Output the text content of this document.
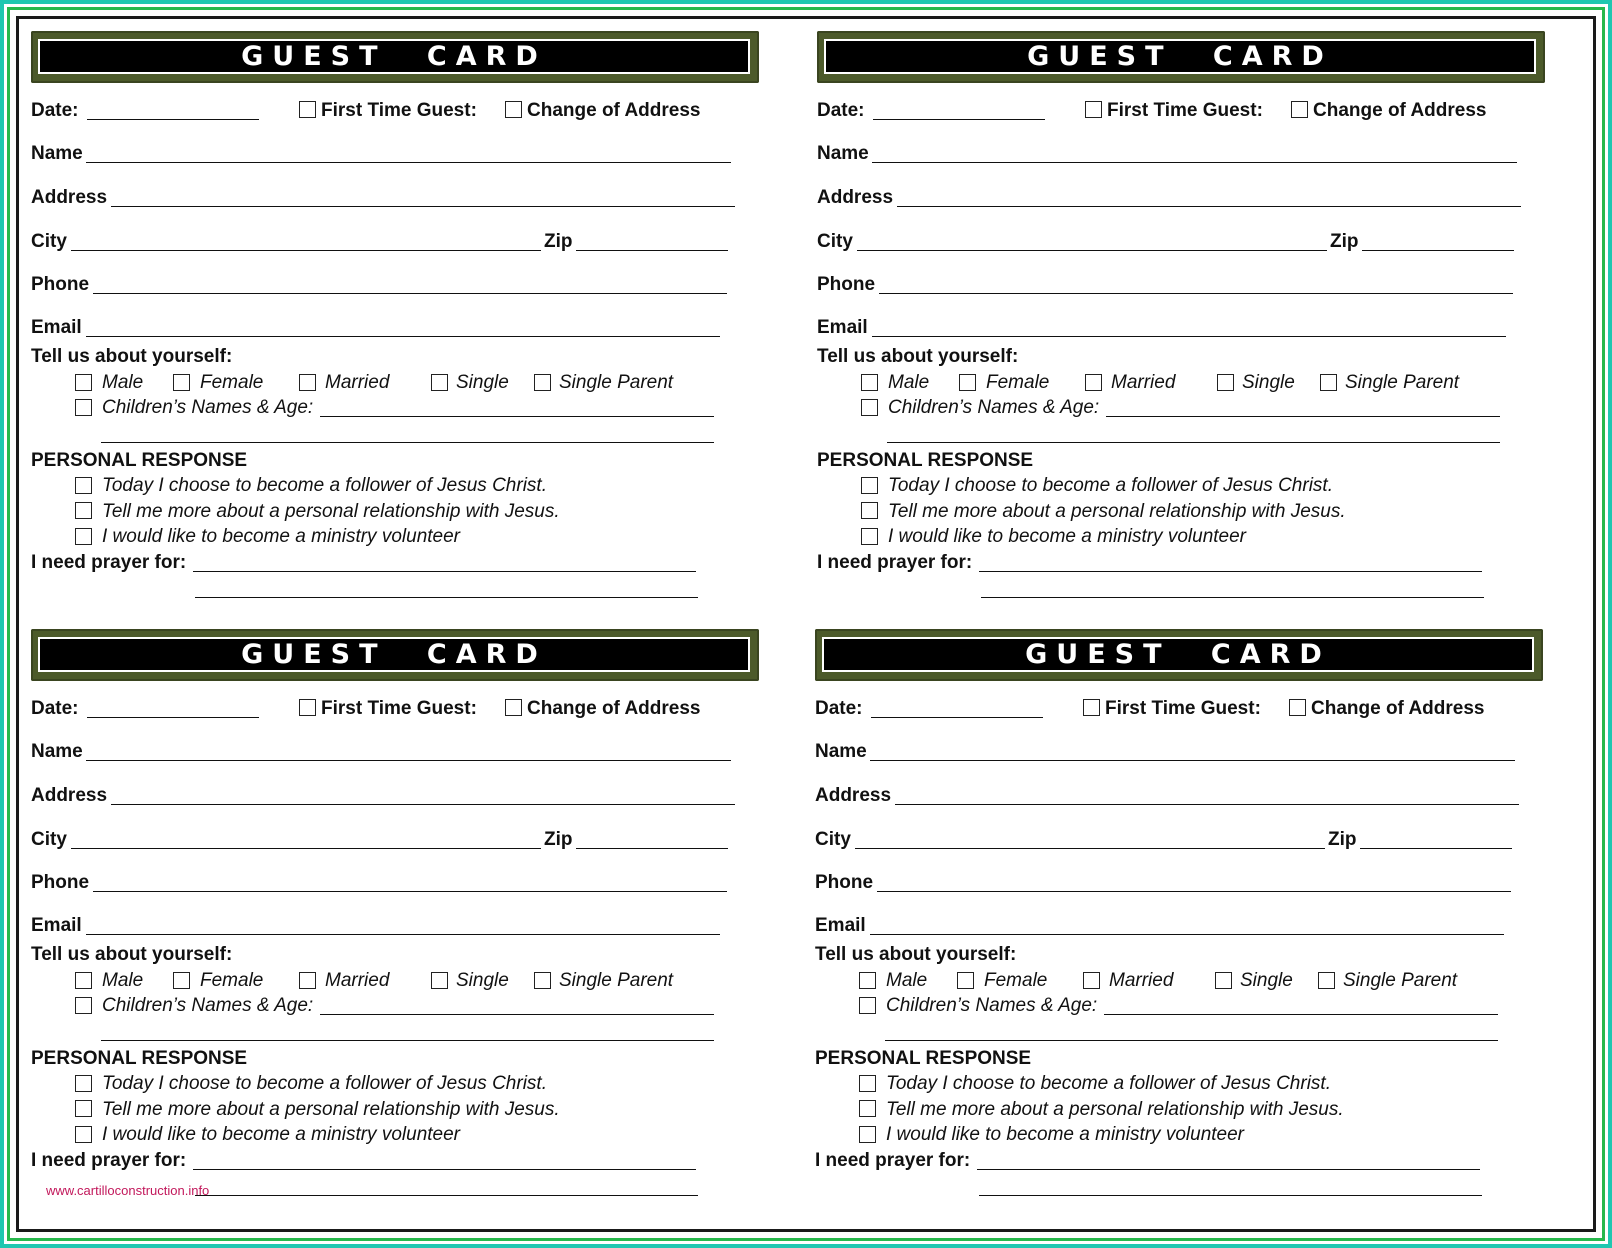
GUEST CARD
Date:	First Time Guest:	Change of Address
Name
Address
City	Zip
Phone
Email
Tell us about yourself:
Male	Female	Married	Single	Single Parent
Children’s Names & Age:
PERSONAL RESPONSE
Today I choose to become a follower of Jesus Christ.
Tell me more about a personal relationship with Jesus.
I would like to become a ministry volunteer
I need prayer for:
GUEST CARD
Date:	First Time Guest:	Change of Address
Name
Address
City	Zip
Phone
Email
Tell us about yourself:
Male	Female	Married	Single	Single Parent
Children’s Names & Age:
PERSONAL RESPONSE
Today I choose to become a follower of Jesus Christ.
Tell me more about a personal relationship with Jesus.
I would like to become a ministry volunteer
I need prayer for:
GUEST CARD
Date:	First Time Guest:	Change of Address
Name
Address
City	Zip
Phone
Email
Tell us about yourself:
Male	Female	Married	Single	Single Parent
Children’s Names & Age:
PERSONAL RESPONSE
Today I choose to become a follower of Jesus Christ.
Tell me more about a personal relationship with Jesus.
I would like to become a ministry volunteer
I need prayer for:
GUEST CARD
Date:	First Time Guest:	Change of Address
Name
Address
City	Zip
Phone
Email
Tell us about yourself:
Male	Female	Married	Single	Single Parent
Children’s Names & Age:
PERSONAL RESPONSE
Today I choose to become a follower of Jesus Christ.
Tell me more about a personal relationship with Jesus.
I would like to become a ministry volunteer
I need prayer for:
www.cartilloconstruction.info
